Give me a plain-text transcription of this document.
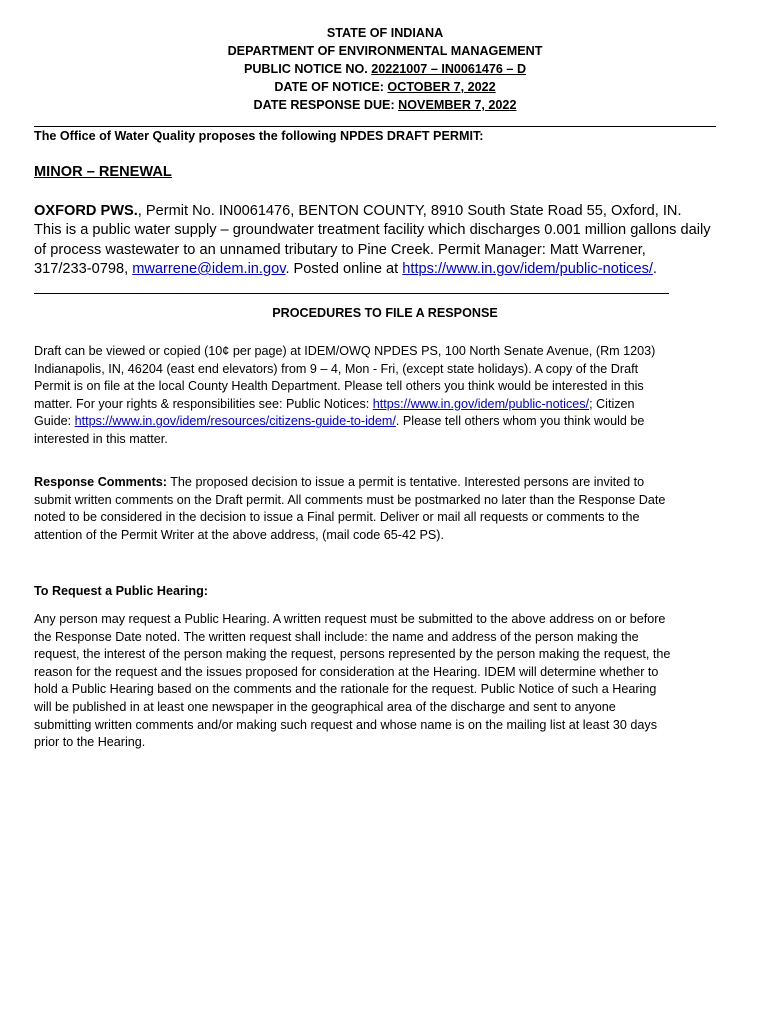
STATE OF INDIANA
DEPARTMENT OF ENVIRONMENTAL MANAGEMENT
PUBLIC NOTICE NO. 20221007 – IN0061476 – D
DATE OF NOTICE: OCTOBER 7, 2022
DATE RESPONSE DUE: NOVEMBER 7, 2022
The Office of Water Quality proposes the following NPDES DRAFT PERMIT:
MINOR – RENEWAL
OXFORD PWS., Permit No. IN0061476, BENTON COUNTY, 8910 South State Road 55, Oxford, IN.
This is a public water supply – groundwater treatment facility which discharges 0.001 million gallons daily
of process wastewater to an unnamed tributary to Pine Creek. Permit Manager: Matt Warrener,
317/233-0798, mwarrene@idem.in.gov. Posted online at https://www.in.gov/idem/public-notices/.
PROCEDURES TO FILE A RESPONSE
Draft can be viewed or copied (10¢ per page) at IDEM/OWQ NPDES PS, 100 North Senate Avenue, (Rm 1203)
Indianapolis, IN, 46204 (east end elevators) from 9 – 4, Mon - Fri, (except state holidays). A copy of the Draft
Permit is on file at the local County Health Department. Please tell others you think would be interested in this
matter. For your rights & responsibilities see: Public Notices: https://www.in.gov/idem/public-notices/; Citizen
Guide: https://www.in.gov/idem/resources/citizens-guide-to-idem/. Please tell others whom you think would be
interested in this matter.
Response Comments: The proposed decision to issue a permit is tentative. Interested persons are invited to
submit written comments on the Draft permit. All comments must be postmarked no later than the Response Date
noted to be considered in the decision to issue a Final permit. Deliver or mail all requests or comments to the
attention of the Permit Writer at the above address, (mail code 65-42 PS).
To Request a Public Hearing:
Any person may request a Public Hearing. A written request must be submitted to the above address on or before
the Response Date noted. The written request shall include: the name and address of the person making the
request, the interest of the person making the request, persons represented by the person making the request, the
reason for the request and the issues proposed for consideration at the Hearing. IDEM will determine whether to
hold a Public Hearing based on the comments and the rationale for the request. Public Notice of such a Hearing
will be published in at least one newspaper in the geographical area of the discharge and sent to anyone
submitting written comments and/or making such request and whose name is on the mailing list at least 30 days
prior to the Hearing.
